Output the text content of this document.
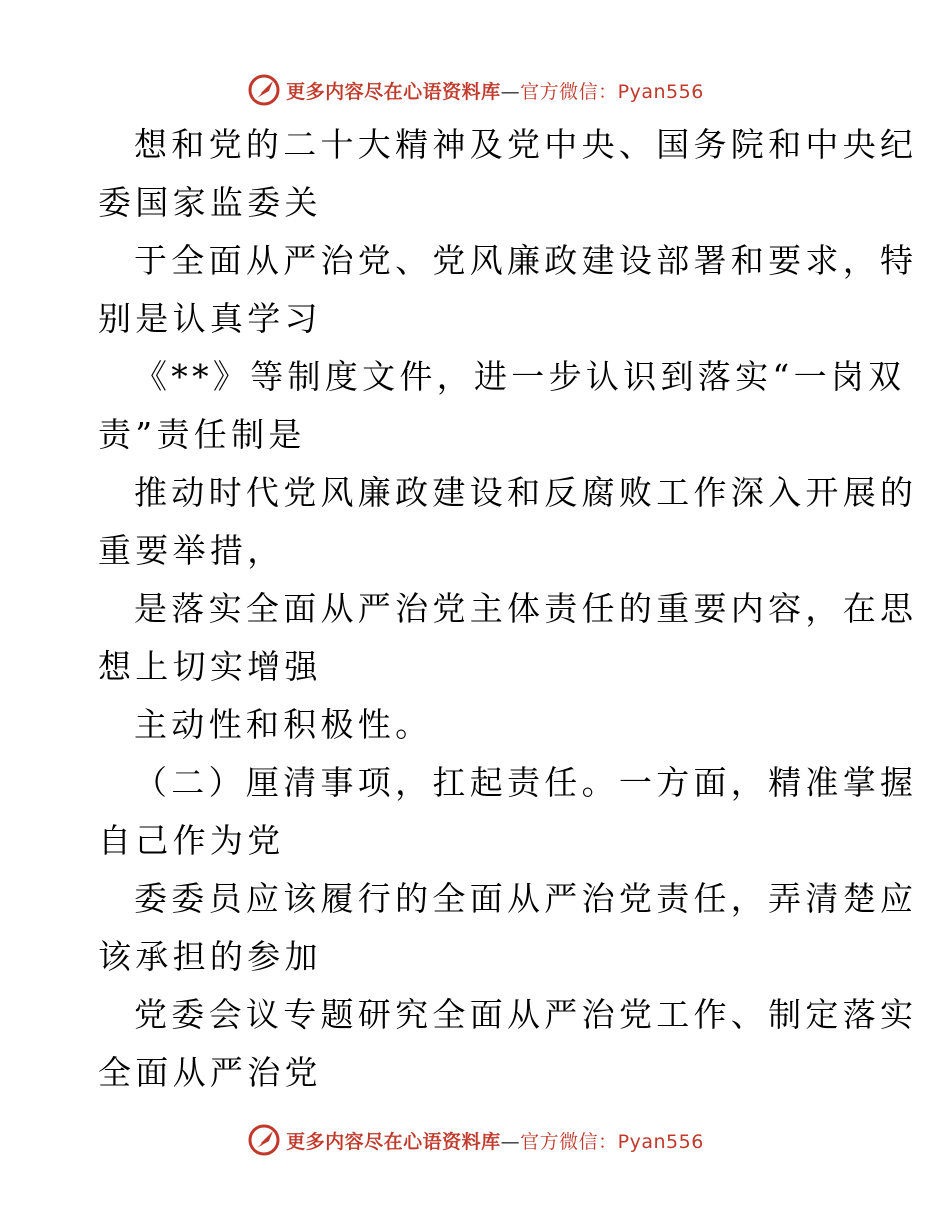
更多内容尽在心语资料库—官方微信：Pyan556
想和党的二十大精神及党中央、国务院和中央纪
委国家监委关
于全面从严治党、党风廉政建设部署和要求，特
别是认真学习
《**》等制度文件，进一步认识到落实“一岗双
责”责任制是
推动时代党风廉政建设和反腐败工作深入开展的
重要举措，
是落实全面从严治党主体责任的重要内容，在思
想上切实增强
主动性和积极性。
（二）厘清事项，扛起责任。一方面，精准掌握
自己作为党
委委员应该履行的全面从严治党责任，弄清楚应
该承担的参加
党委会议专题研究全面从严治党工作、制定落实
全面从严治党
更多内容尽在心语资料库—官方微信：Pyan556
